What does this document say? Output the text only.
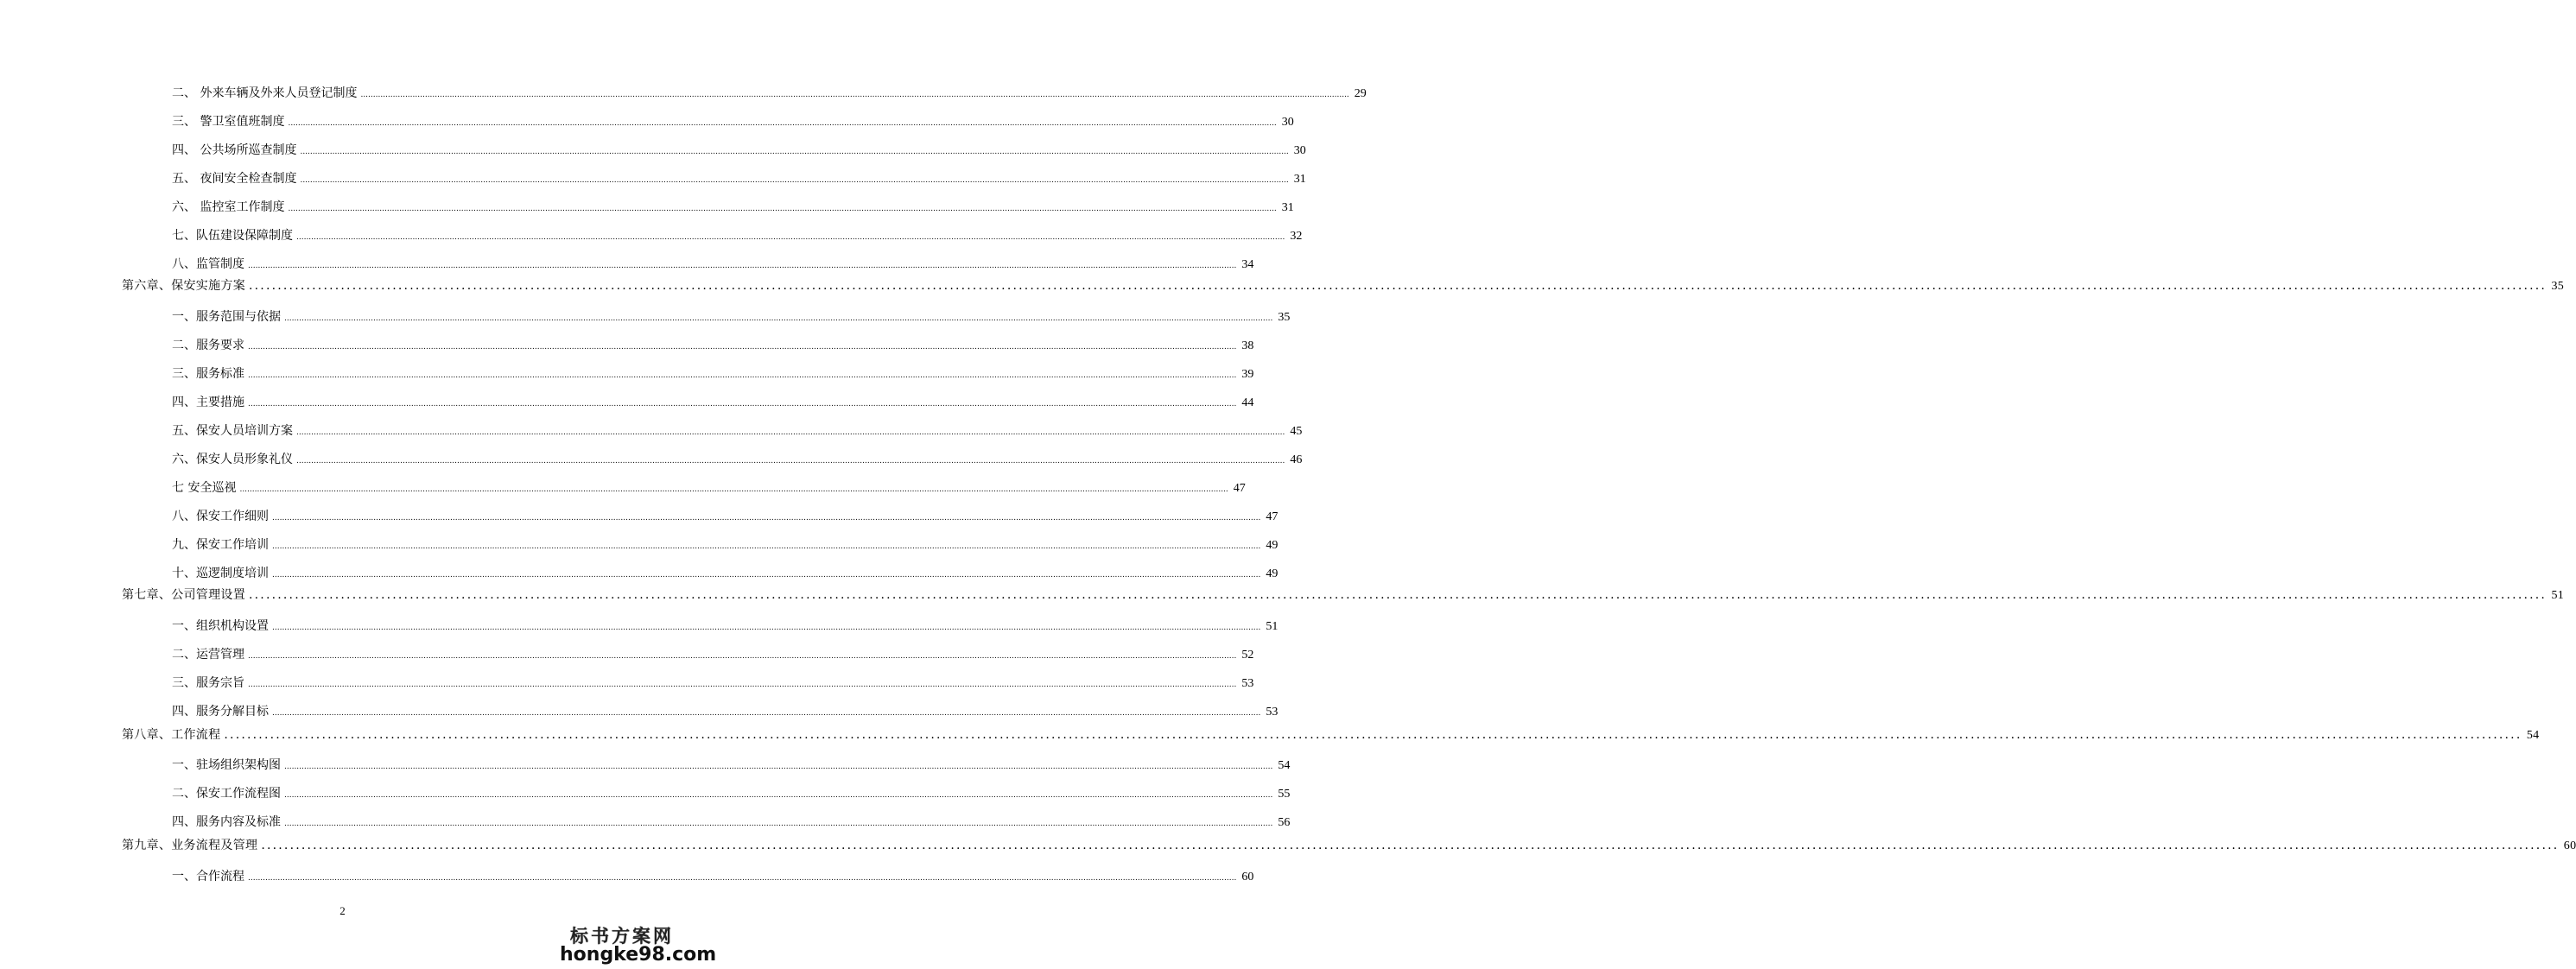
二、 外来车辆及外来人员登记制度 ................................................................................................................................................................................................................................................................................................................................................................................................................ 29
三、 警卫室值班制度 ................................................................................................................................................................................................................................................................................................................................................................................................................ 30
四、 公共场所巡查制度 ................................................................................................................................................................................................................................................................................................................................................................................................................ 30
五、 夜间安全检查制度 ................................................................................................................................................................................................................................................................................................................................................................................................................ 31
六、 监控室工作制度 ................................................................................................................................................................................................................................................................................................................................................................................................................ 31
七、队伍建设保障制度 ................................................................................................................................................................................................................................................................................................................................................................................................................ 32
八、监管制度 ................................................................................................................................................................................................................................................................................................................................................................................................................ 34
第六章、保安实施方案 ................................................................................................................................................................................................................................................................................................................................................................................................................ 35
一、服务范围与依据 ................................................................................................................................................................................................................................................................................................................................................................................................................ 35
二、服务要求 ................................................................................................................................................................................................................................................................................................................................................................................................................ 38
三、服务标准 ................................................................................................................................................................................................................................................................................................................................................................................................................ 39
四、主要措施 ................................................................................................................................................................................................................................................................................................................................................................................................................ 44
五、保安人员培训方案 ................................................................................................................................................................................................................................................................................................................................................................................................................ 45
六、保安人员形象礼仪 ................................................................................................................................................................................................................................................................................................................................................................................................................ 46
七 安全巡视 ................................................................................................................................................................................................................................................................................................................................................................................................................ 47
八、保安工作细则 ................................................................................................................................................................................................................................................................................................................................................................................................................ 47
九、保安工作培训 ................................................................................................................................................................................................................................................................................................................................................................................................................ 49
十、巡逻制度培训 ................................................................................................................................................................................................................................................................................................................................................................................................................ 49
第七章、公司管理设置 ................................................................................................................................................................................................................................................................................................................................................................................................................ 51
一、组织机构设置 ................................................................................................................................................................................................................................................................................................................................................................................................................ 51
二、运营管理 ................................................................................................................................................................................................................................................................................................................................................................................................................ 52
三、服务宗旨 ................................................................................................................................................................................................................................................................................................................................................................................................................ 53
四、服务分解目标 ................................................................................................................................................................................................................................................................................................................................................................................................................ 53
第八章、工作流程 ................................................................................................................................................................................................................................................................................................................................................................................................................ 54
一、驻场组织架构图 ................................................................................................................................................................................................................................................................................................................................................................................................................ 54
二、保安工作流程图 ................................................................................................................................................................................................................................................................................................................................................................................................................ 55
四、服务内容及标准 ................................................................................................................................................................................................................................................................................................................................................................................................................ 56
第九章、业务流程及管理 ................................................................................................................................................................................................................................................................................................................................................................................................................ 60
一、合作流程 ................................................................................................................................................................................................................................................................................................................................................................................................................ 60
2
标书方案网
hongke98.com
